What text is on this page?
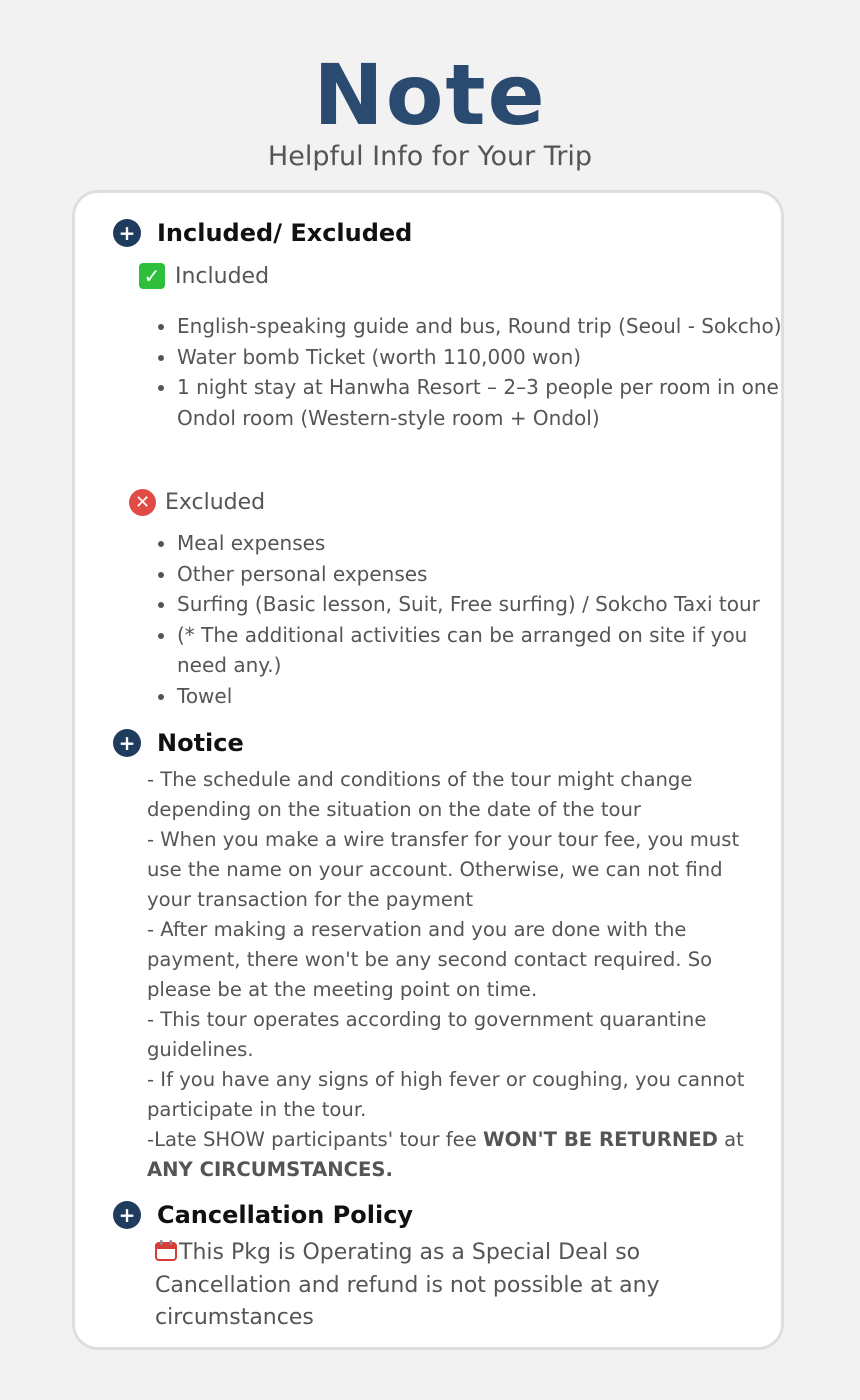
Note
Helpful Info for Your Trip
+ Included/ Excluded
✓ Included
• English-speaking guide and bus, Round trip (Seoul - Sokcho)
• Water bomb Ticket (worth 110,000 won)
• 1 night stay at Hanwha Resort – 2–3 people per room in one Ondol room (Western-style room + Ondol)
✕ Excluded
• Meal expenses
• Other personal expenses
• Surfing (Basic lesson, Suit, Free surfing) / Sokcho Taxi tour
• (* The additional activities can be arranged on site if you need any.)
• Towel
+ Notice
- The schedule and conditions of the tour might change depending on the situation on the date of the tour
- When you make a wire transfer for your tour fee, you must use the name on your account. Otherwise, we can not find your transaction for the payment
- After making a reservation and you are done with the payment, there won't be any second contact required. So please be at the meeting point on time.
- This tour operates according to government quarantine guidelines.
- If you have any signs of high fever or coughing, you cannot participate in the tour.
-Late SHOW participants' tour fee WON'T BE RETURNED at ANY CIRCUMSTANCES.
+ Cancellation Policy
This Pkg is Operating as a Special Deal so Cancellation and refund is not possible at any circumstances
